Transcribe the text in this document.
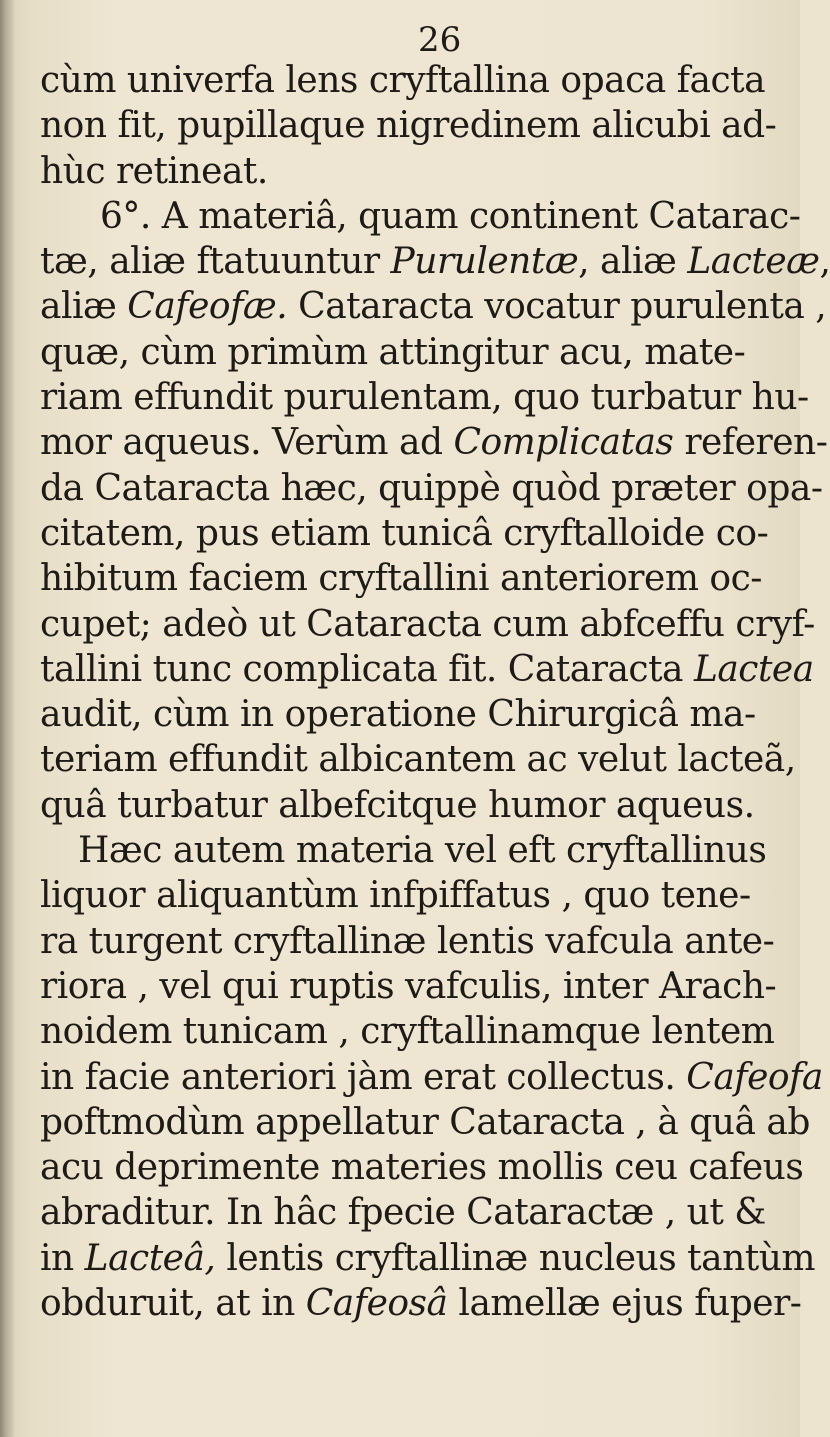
26

cùm univerfa lens cryftallina opaca facta
non fit, pupillaque nigredinem alicubi ad-
hùc retineat.
6°. A materiâ, quam continent Catarac-
tæ, aliæ ftatuuntur Purulentæ, aliæ Lacteæ,
aliæ Cafeofæ. Cataracta vocatur purulenta ,
quæ, cùm primùm attingitur acu, mate-
riam effundit purulentam, quo turbatur hu-
mor aqueus. Verùm ad Complicatas referen-
da Cataracta hæc, quippè quòd præter opa-
citatem, pus etiam tunicâ cryftalloide co-
hibitum faciem cryftallini anteriorem oc-
cupet; adeò ut Cataracta cum abfceffu cryf-
tallini tunc complicata fit. Cataracta Lactea
audit, cùm in operatione Chirurgicâ ma-
teriam effundit albicantem ac velut lacteã,
quâ turbatur albefcitque humor aqueus.
Hæc autem materia vel eft cryftallinus
liquor aliquantùm infpiffatus , quo tene-
ra turgent cryftallinæ lentis vafcula ante-
riora , vel qui ruptis vafculis, inter Arach-
noidem tunicam , cryftallinamque lentem
in facie anteriori jàm erat collectus. Cafeofa
poftmodùm appellatur Cataracta , à quâ ab
acu deprimente materies mollis ceu cafeus
abraditur. In hâc fpecie Cataractæ , ut &
in Lacteâ, lentis cryftallinæ nucleus tantùm
obduruit, at in Cafeosâ lamellæ ejus fuper-
